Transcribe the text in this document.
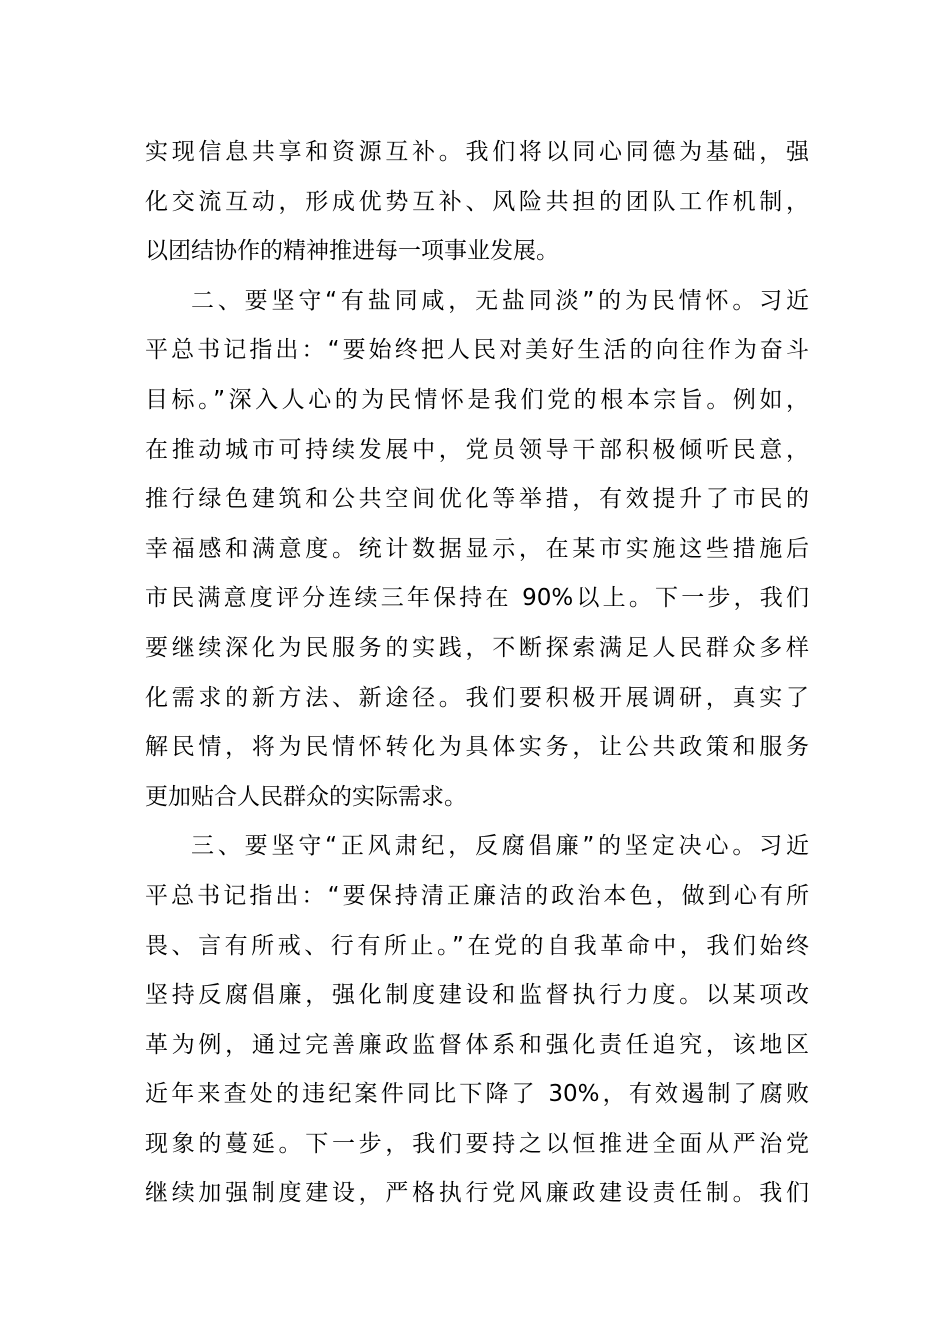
实现信息共享和资源互补。我们将以同心同德为基础，强
化交流互动，形成优势互补、风险共担的团队工作机制，
以团结协作的精神推进每一项事业发展。
二、要坚守“有盐同咸，无盐同淡”的为民情怀。习近
平总书记指出：“要始终把人民对美好生活的向往作为奋斗
目标。”深入人心的为民情怀是我们党的根本宗旨。例如，
在推动城市可持续发展中，党员领导干部积极倾听民意，
推行绿色建筑和公共空间优化等举措，有效提升了市民的
幸福感和满意度。统计数据显示，在某市实施这些措施后
市民满意度评分连续三年保持在 90%以上。下一步，我们
要继续深化为民服务的实践，不断探索满足人民群众多样
化需求的新方法、新途径。我们要积极开展调研，真实了
解民情，将为民情怀转化为具体实务，让公共政策和服务
更加贴合人民群众的实际需求。
三、要坚守“正风肃纪，反腐倡廉”的坚定决心。习近
平总书记指出：“要保持清正廉洁的政治本色，做到心有所
畏、言有所戒、行有所止。”在党的自我革命中，我们始终
坚持反腐倡廉，强化制度建设和监督执行力度。以某项改
革为例，通过完善廉政监督体系和强化责任追究，该地区
近年来查处的违纪案件同比下降了 30%，有效遏制了腐败
现象的蔓延。下一步，我们要持之以恒推进全面从严治党
继续加强制度建设，严格执行党风廉政建设责任制。我们
